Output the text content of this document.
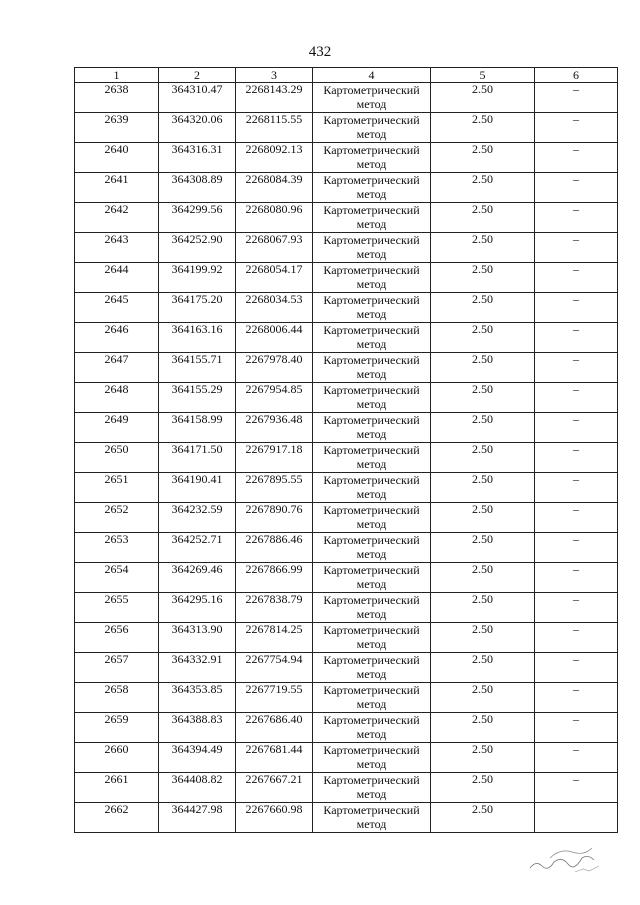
432
1	2	3	4	5	6
2638	364310.47	2268143.29	Картометрический метод	2.50	–
2639	364320.06	2268115.55	Картометрический метод	2.50	–
2640	364316.31	2268092.13	Картометрический метод	2.50	–
2641	364308.89	2268084.39	Картометрический метод	2.50	–
2642	364299.56	2268080.96	Картометрический метод	2.50	–
2643	364252.90	2268067.93	Картометрический метод	2.50	–
2644	364199.92	2268054.17	Картометрический метод	2.50	–
2645	364175.20	2268034.53	Картометрический метод	2.50	–
2646	364163.16	2268006.44	Картометрический метод	2.50	–
2647	364155.71	2267978.40	Картометрический метод	2.50	–
2648	364155.29	2267954.85	Картометрический метод	2.50	–
2649	364158.99	2267936.48	Картометрический метод	2.50	–
2650	364171.50	2267917.18	Картометрический метод	2.50	–
2651	364190.41	2267895.55	Картометрический метод	2.50	–
2652	364232.59	2267890.76	Картометрический метод	2.50	–
2653	364252.71	2267886.46	Картометрический метод	2.50	–
2654	364269.46	2267866.99	Картометрический метод	2.50	–
2655	364295.16	2267838.79	Картометрический метод	2.50	–
2656	364313.90	2267814.25	Картометрический метод	2.50	–
2657	364332.91	2267754.94	Картометрический метод	2.50	–
2658	364353.85	2267719.55	Картометрический метод	2.50	–
2659	364388.83	2267686.40	Картометрический метод	2.50	–
2660	364394.49	2267681.44	Картометрический метод	2.50	–
2661	364408.82	2267667.21	Картометрический метод	2.50	–
2662	364427.98	2267660.98	Картометрический метод	2.50	
